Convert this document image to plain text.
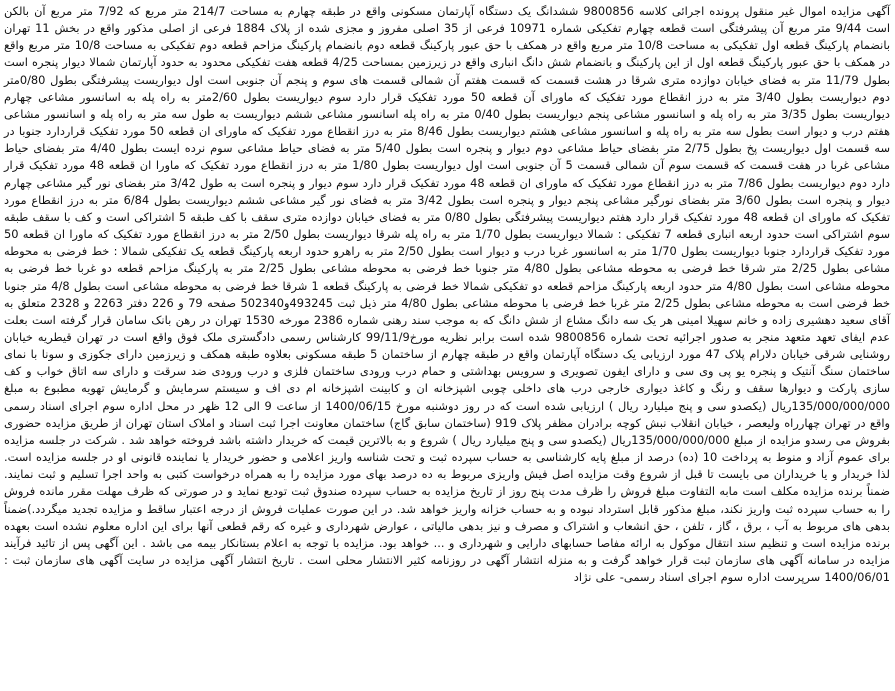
آگهی مزایده اموال غیر منقول پرونده اجرائی کلاسه 9800856 ششدانگ یک دستگاه آپارتمان مسکونی واقع در طبقه چهارم به مساحت 214/7 متر مربع که 7/92 متر مربع آن بالکن است 9/44 متر مربع آن پیشرفتگی است قطعه چهارم تفکیکی شماره 10971 فرعی از 35 اصلی مفروز و مجزی شده از پلاک 1884 فرعی از اصلی مذکور واقع در بخش 11 تهران بانضمام پارکینگ قطعه اول تفکیکی به مساحت 10/8 متر مربع واقع در همکف با حق عبور پارکینگ قطعه دوم بانضمام پارکینگ مزاحم قطعه دوم تفکیکی به مساحت 10/8 متر مربع واقع در همکف با حق عبور پارکینگ قطعه اول از این پارکینگ و بانضمام شش دانگ انباری واقع در زیرزمین بمساحت 4/25 قطعه هفت تفکیکی محدود به حدود آپارتمان شمالا دیوار پنجره است بطول 11/79 متر به فضای خیابان دوازده متری شرقا در هشت قسمت که قسمت هفتم آن شمالی قسمت های سوم و پنجم آن جنوبی است اول دیواریست پیشرفتگی بطول 0/80متر دوم دیواریست بطول 3/40 متر به درز انقطاع مورد تفکیک که ماورای آن قطعه 50 مورد تفکیک قرار دارد سوم دیواریست بطول 2/60متر به راه پله به اسانسور مشاعی چهارم دیواریست بطول 3/35 متر به راه پله و اسانسور مشاعی پنجم دیواریست بطول 0/40 متر به راه پله اسانسور مشاعی ششم دیواریست به طول سه متر به راه پله و اسانسور مشاعی هفتم درب و دیوار است بطول سه متر به راه پله و اسانسور مشاعی هشتم دیواریست بطول 8/46 متر به درز انقطاع مورد تفکیک که ماورای ان قطعه 50 مورد تفکیک قراردارد جنوبا در سه قسمت اول دیواریست پخ بطول 2/75 متر بفضای حیاط مشاعی دوم دیوار و پنجره است بطول 5/40 متر به فضای حیاط مشاعی سوم نرده ایست بطول 4/40 متر بفضای حیاط مشاعی غربا در هفت قسمت که قسمت سوم آن شمالی قسمت 5 آن جنوبی است اول دیواریست بطول 1/80 متر به درز انقطاع مورد تفکیک که ماورا ان قطعه 48 مورد تفکیک قرار دارد دوم دیواریست بطول 7/86 متر به درز انقطاع مورد تفکیک که ماورای ان قطعه 48 مورد تفکیک قرار دارد سوم دیوار و پنجره است به طول 3/42 متر بفضای نور گیر مشاعی چهارم دیوار و پنجره است بطول 3/60 متر بفضای نورگیر مشاعی پنجم دیوار و پنجره است بطول 3/42 متر به فضای نور گیر مشاعی ششم دیواریست بطول 6/84 متر به درز انقطاع مورد تفکیک که ماورای ان قطعه 48 مورد تفکیک قرار دارد هفتم دیواریست پیشرفتگی بطول 0/80 متر به فضای خیابان دوازده متری سقف با کف طبقه 5 اشتراکی است و کف با سقف طبقه سوم اشتراکی است حدود اربعه انباری قطعه 7 تفکیکی : شمالا دیواریست بطول 1/70 متر به راه پله شرقا دیواریست بطول 2/50 متر به درز انقطاع مورد تفکیک که ماورا ان قطعه 50 مورد تفکیک قراردارد جنوبا دیواریست بطول 1/70 متر به اسانسور غربا درب و دیوار است بطول 2/50 متر به راهرو حدود اربعه پارکینگ قطعه یک تفکیکی شمالا : خط فرضی به محوطه مشاعی بطول 2/25 متر شرقا خط فرضی به محوطه مشاعی بطول 4/80 متر جنوبا خط فرضی به محوطه مشاعی بطول 2/25 متر به پارکینگ مزاحم قطعه دو غربا خط فرضی به محوطه مشاعی است بطول 4/80 متر حدود اربعه پارکینگ مزاحم قطعه دو تفکیکی شمالا خط فرضی به پارکینگ قطعه 1 شرقا خط فرضی به محوطه مشاعی است بطول 4/8 متر جنوبا خط فرضی است به محوطه مشاعی بطول 2/25 متر غربا خط فرضی با محوطه مشاعی بطول 4/80 متر ذیل ثبت 493245و502340 صفحه 79 و 226 دفتر 2263 و 2328 متعلق به آقای سعید دهشیری زاده و خانم سهیلا امینی هر یک سه دانگ مشاع از شش دانگ که به موجب سند رهنی شماره 2386 مورخه 1530 تهران در رهن بانک سامان قرار گرفته است بعلت عدم ایفای تعهد متعهد منجر به صدور اجرائیه تحت شماره 9800856 شده است برابر نظریه مورخ99/11/9 کارشناس رسمی دادگستری ملک فوق واقع است در تهران قیطریه خیابان روشنایی شرقی خیابان دلارام پلاک 47 مورد ارزیابی یک دستگاه آپارتمان واقع در طبقه چهارم از ساختمان 5 طبقه مسکونی بعلاوه طبقه همکف و زیرزمین دارای جکوزی و سونا با نمای ساختمان سنگ آنتیک و پنجره یو پی وی سی و دارای ایفون تصویری و سرویس بهداشتی و حمام درب ورودی ساختمان فلزی و درب ورودی ضد سرقت و دارای سه اتاق خواب و کف سازی پارکت و دیوارها سقف و رنگ و کاغذ دیواری خارجی درب های داخلی چوبی اشپزخانه ان و کابینت اشپزخانه ام دی اف و سیستم سرمایش و گرمایش تهویه مطبوع به مبلغ 135/000/000/000ریال (یکصدو سی و پنج میلیارد ریال ) ارزیابی شده است که در روز دوشنبه مورخ 1400/06/15 از ساعت 9 الی 12 ظهر در محل اداره سوم اجرای اسناد رسمی واقع در تهران چهارراه ولیعصر ، خیابان انقلاب نبش کوچه برادران مظفر پلاک 919 (ساختمان سابق گاج) ساختمان معاونت اجرا ثبت اسناد و املاک استان تهران از طریق مزایده حضوری بفروش می رسدو مزایده از مبلغ 135/000/000/000ریال (یکصدو سی و پنج میلیارد ریال ) شروع و به بالاترین قیمت که خریدار داشته باشد فروخته خواهد شد . شرکت در جلسه مزایده برای عموم آزاد و منوط به پرداخت 10 (ده) درصد از مبلغ پایه کارشناسی به حساب سپرده ثبت و تحت شناسه واریز اعلامی و حضور خریدار یا نماینده قانونی او در جلسه مزایده است. لذا خریدار و یا خریداران می بایست تا قبل از شروع وقت مزایده اصل فیش واریزی مربوط به ده درصد بهای مورد مزایده را به همراه درخواست کتبی به واحد اجرا تسلیم و ثبت نمایند. ضمناً برنده مزایده مکلف است مابه التفاوت مبلغ فروش را ظرف مدت پنج روز از تاریخ مزایده به حساب سپرده صندوق ثبت تودیع نماید و در صورتی که ظرف مهلت مقرر مانده فروش را به حساب سپرده ثبت واریز نکند، مبلغ مذکور قابل استرداد نبوده و به حساب خزانه واریز خواهد شد. در این صورت عملیات فروش از درجه اعتبار ساقط و مزایده تجدید میگردد.)ضمناً بدهی های مربوط به آب ، برق ، گاز ، تلفن ، حق انشعاب و اشتراک و مصرف و نیز بدهی مالیاتی ، عوارض شهرداری و غیره که رقم قطعی آنها برای این اداره معلوم نشده است بعهده برنده مزایده است و تنظیم سند انتقال موکول به ارائه مفاصا حسابهای دارایی و شهرداری و ... خواهد بود. مزایده با توجه به اعلام بستانکار بیمه می باشد . این آگهی پس از تائید فرآیند مزایده در سامانه آگهی های سازمان ثبت قرار خواهد گرفت و به منزله انتشار آگهی در روزنامه کثیر الانتشار محلی است . تاریخ انتشار آگهی مزایده در سایت آگهی های سازمان ثبت : 1400/06/01 سرپرست اداره سوم اجرای اسناد رسمی- علی نژاد
